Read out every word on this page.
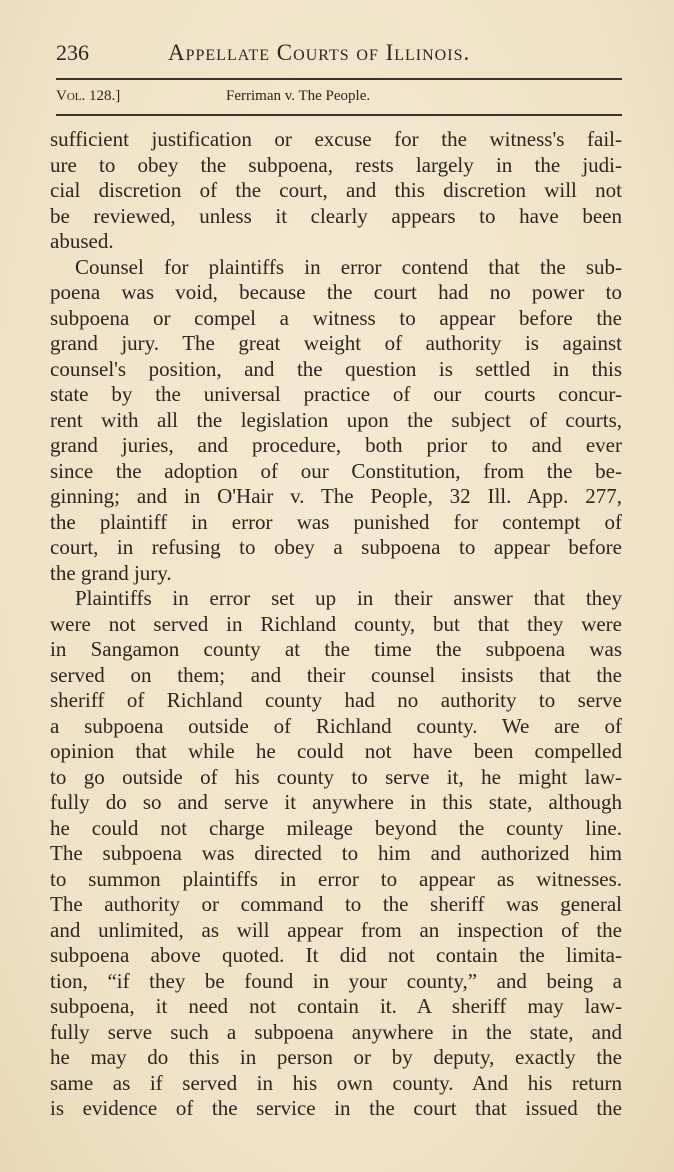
236	Appellate Courts of Illinois.
Vol. 128.]	Ferriman v. The People.
sufficient justification or excuse for the witness's fail-
ure to obey the subpoena, rests largely in the judi-
cial discretion of the court, and this discretion will not
be reviewed, unless it clearly appears to have been
abused.
Counsel for plaintiffs in error contend that the sub-
poena was void, because the court had no power to
subpoena or compel a witness to appear before the
grand jury. The great weight of authority is against
counsel's position, and the question is settled in this
state by the universal practice of our courts concur-
rent with all the legislation upon the subject of courts,
grand juries, and procedure, both prior to and ever
since the adoption of our Constitution, from the be-
ginning; and in O'Hair v. The People, 32 Ill. App. 277,
the plaintiff in error was punished for contempt of
court, in refusing to obey a subpoena to appear before
the grand jury.
Plaintiffs in error set up in their answer that they
were not served in Richland county, but that they were
in Sangamon county at the time the subpoena was
served on them; and their counsel insists that the
sheriff of Richland county had no authority to serve
a subpoena outside of Richland county. We are of
opinion that while he could not have been compelled
to go outside of his county to serve it, he might law-
fully do so and serve it anywhere in this state, although
he could not charge mileage beyond the county line.
The subpoena was directed to him and authorized him
to summon plaintiffs in error to appear as witnesses.
The authority or command to the sheriff was general
and unlimited, as will appear from an inspection of the
subpoena above quoted. It did not contain the limita-
tion, “if they be found in your county,” and being a
subpoena, it need not contain it. A sheriff may law-
fully serve such a subpoena anywhere in the state, and
he may do this in person or by deputy, exactly the
same as if served in his own county. And his return
is evidence of the service in the court that issued the
